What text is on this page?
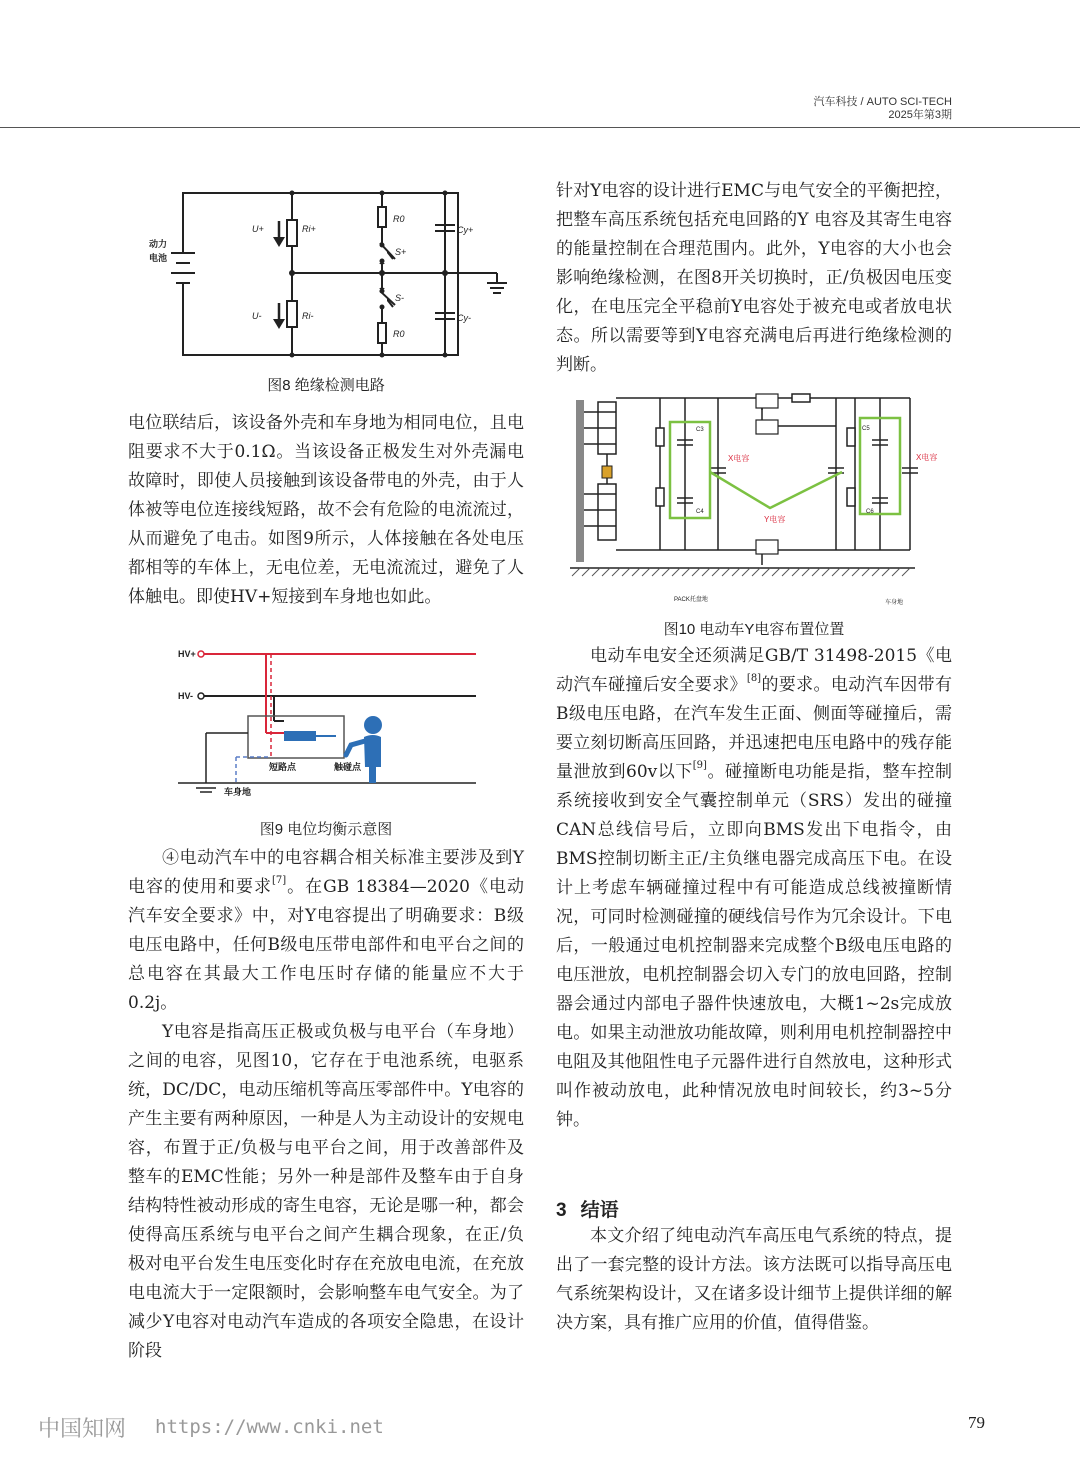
汽车科技 / AUTO SCI-TECH
2025年第3期
动力
电池
U+
U-
Ri+
Ri-
R0
R0
S+
S-
Cy+
Cy-
图8 绝缘检测电路

电位联结后，该设备外壳和车身地为相同电位，且电阻要求不大于0.1Ω。当该设备正极发生对外壳漏电故障时，即使人员接触到该设备带电的外壳，由于人体被等电位连接线短路，故不会有危险的电流流过，从而避免了电击。如图9所示，人体接触在各处电压都相等的车体上，无电位差，无电流流过，避免了人体触电。即使HV+短接到车身地也如此。

HV+
HV-
短路点	触碰点
车身地
图9 电位均衡示意图

④电动汽车中的电容耦合相关标准主要涉及到Y电容的使用和要求[7]。在GB 18384—2020《电动汽车安全要求》中，对Y电容提出了明确要求：B级电压电路中，任何B级电压带电部件和电平台之间的总电容在其最大工作电压时存储的能量应不大于0.2j。

Y电容是指高压正极或负极与电平台（车身地）之间的电容，见图10，它存在于电池系统，电驱系统，DC/DC，电动压缩机等高压零部件中。Y电容的产生主要有两种原因，一种是人为主动设计的安规电容，布置于正/负极与电平台之间，用于改善部件及整车的EMC性能；另外一种是部件及整车由于自身结构特性被动形成的寄生电容，无论是哪一种，都会使得高压系统与电平台之间产生耦合现象，在正/负极对电平台发生电压变化时存在充放电电流，在充放电电流大于一定限额时，会影响整车电气安全。为了减少Y电容对电动汽车造成的各项安全隐患，在设计阶段

针对Y电容的设计进行EMC与电气安全的平衡把控，把整车高压系统包括充电回路的Y 电容及其寄生电容的能量控制在合理范围内。此外，Y电容的大小也会影响绝缘检测，在图8开关切换时，正/负极因电压变化，在电压完全平稳前Y电容处于被充电或者放电状态。所以需要等到Y电容充满电后再进行绝缘检测的判断。

C3
C4
C5
C6
PACK托盘地	车身地
X电容	X电容
Y电容
图10 电动车Y电容布置位置

电动车电安全还须满足GB/T 31498-2015《电动汽车碰撞后安全要求》[8]的要求。电动汽车因带有B级电压电路，在汽车发生正面、侧面等碰撞后，需要立刻切断高压回路，并迅速把电压电路中的残存能量泄放到60v以下[9]。碰撞断电功能是指，整车控制系统接收到安全气囊控制单元（SRS）发出的碰撞CAN总线信号后，立即向BMS发出下电指令，由BMS控制切断主正/主负继电器完成高压下电。在设计上考虑车辆碰撞过程中有可能造成总线被撞断情况，可同时检测碰撞的硬线信号作为冗余设计。下电后，一般通过电机控制器来完成整个B级电压电路的电压泄放，电机控制器会切入专门的放电回路，控制器会通过内部电子器件快速放电，大概1~2s完成放电。如果主动泄放功能故障，则利用电机控制器控中电阻及其他阻性电子元器件进行自然放电，这种形式叫作被动放电，此种情况放电时间较长，约3~5分钟。

3 结语

本文介绍了纯电动汽车高压电气系统的特点，提出了一套完整的设计方法。该方法既可以指导高压电气系统架构设计，又在诸多设计细节上提供详细的解决方案，具有推广应用的价值，值得借鉴。

中国知网 https://www.cnki.net	79
